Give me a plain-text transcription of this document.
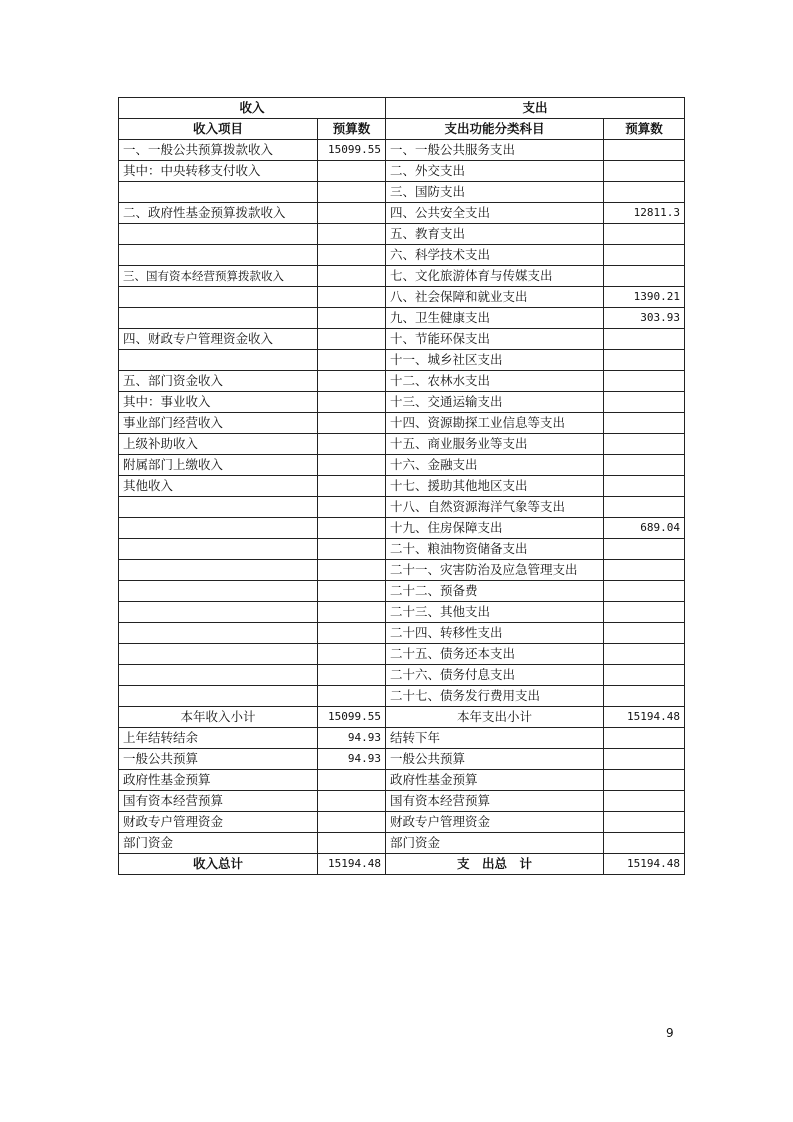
收入		支出	
收入项目	预算数	支出功能分类科目	预算数
一、一般公共预算拨款收入	15099.55	一、一般公共服务支出	
其中：中央转移支付收入		二、外交支出	
		三、国防支出	
二、政府性基金预算拨款收入		四、公共安全支出	12811.3
		五、教育支出	
		六、科学技术支出	
三、国有资本经营预算拨款收入		七、文化旅游体育与传媒支出	
		八、社会保障和就业支出	1390.21
		九、卫生健康支出	303.93
四、财政专户管理资金收入		十、节能环保支出	
		十一、城乡社区支出	
五、部门资金收入		十二、农林水支出	
其中：事业收入		十三、交通运输支出	
事业部门经营收入		十四、资源勘探工业信息等支出	
上级补助收入		十五、商业服务业等支出	
附属部门上缴收入		十六、金融支出	
其他收入		十七、援助其他地区支出	
		十八、自然资源海洋气象等支出	
		十九、住房保障支出	689.04
		二十、粮油物资储备支出	
		二十一、灾害防治及应急管理支出	
		二十二、预备费	
		二十三、其他支出	
		二十四、转移性支出	
		二十五、债务还本支出	
		二十六、债务付息支出	
		二十七、债务发行费用支出	
本年收入小计	15099.55	本年支出小计	15194.48
上年结转结余	94.93	结转下年	
一般公共预算	94.93	一般公共预算	
政府性基金预算		政府性基金预算	
国有资本经营预算		国有资本经营预算	
财政专户管理资金		财政专户管理资金	
部门资金		部门资金	
收入总计	15194.48	支　出总　计	15194.48
9
